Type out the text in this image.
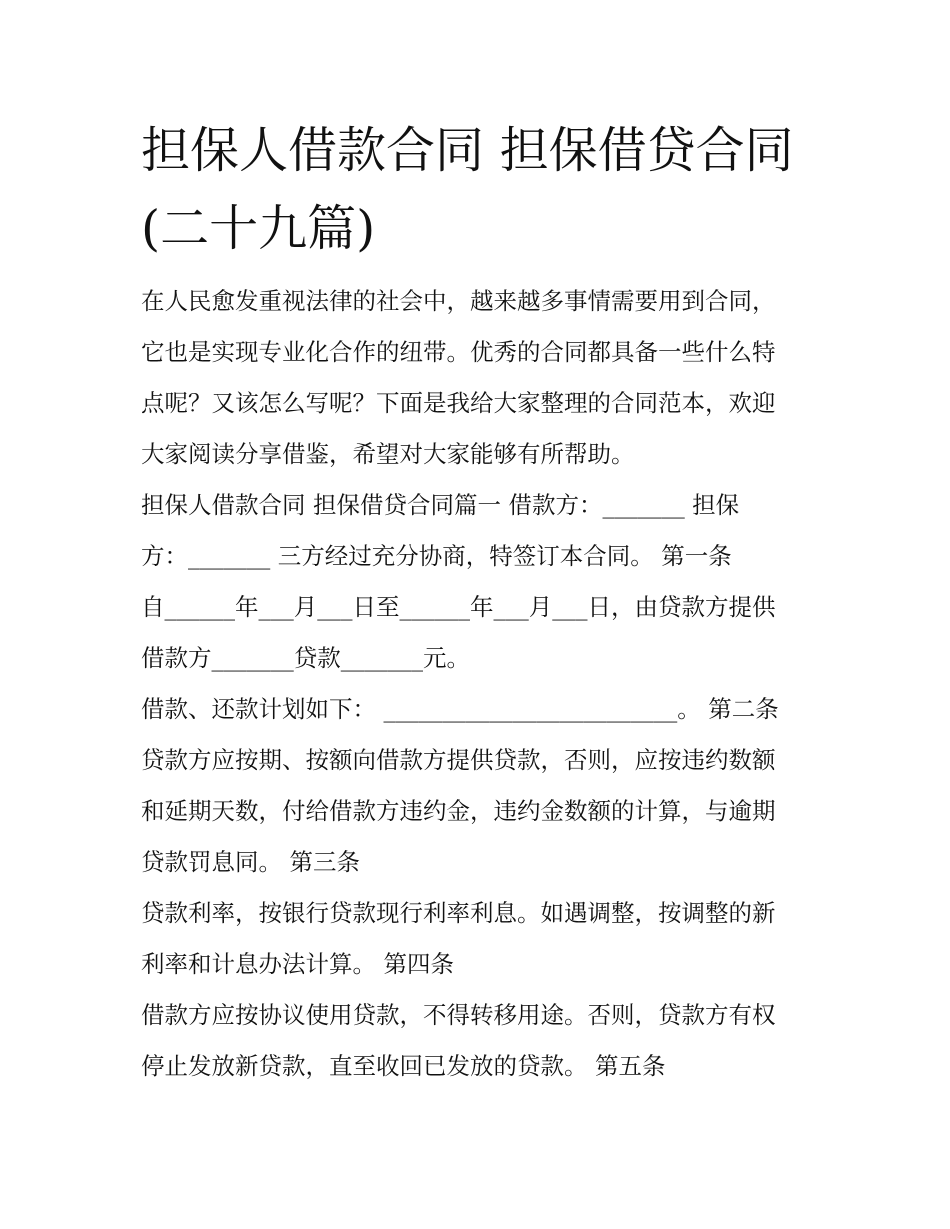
担保人借款合同 担保借贷合同
(二十九篇)
在人民愈发重视法律的社会中，越来越多事情需要用到合同，
它也是实现专业化合作的纽带。优秀的合同都具备一些什么特
点呢？又该怎么写呢？下面是我给大家整理的合同范本，欢迎
大家阅读分享借鉴，希望对大家能够有所帮助。
担保人借款合同 担保借贷合同篇一 借款方：_______ 担保
方：_______ 三方经过充分协商，特签订本合同。 第一条
自______年___月___日至______年___月___日，由贷款方提供
借款方_______贷款_______元。
借款、还款计划如下： _________________________。 第二条
贷款方应按期、按额向借款方提供贷款，否则，应按违约数额
和延期天数，付给借款方违约金，违约金数额的计算，与逾期
贷款罚息同。 第三条
贷款利率，按银行贷款现行利率利息。如遇调整，按调整的新
利率和计息办法计算。 第四条
借款方应按协议使用贷款，不得转移用途。否则，贷款方有权
停止发放新贷款，直至收回已发放的贷款。 第五条
